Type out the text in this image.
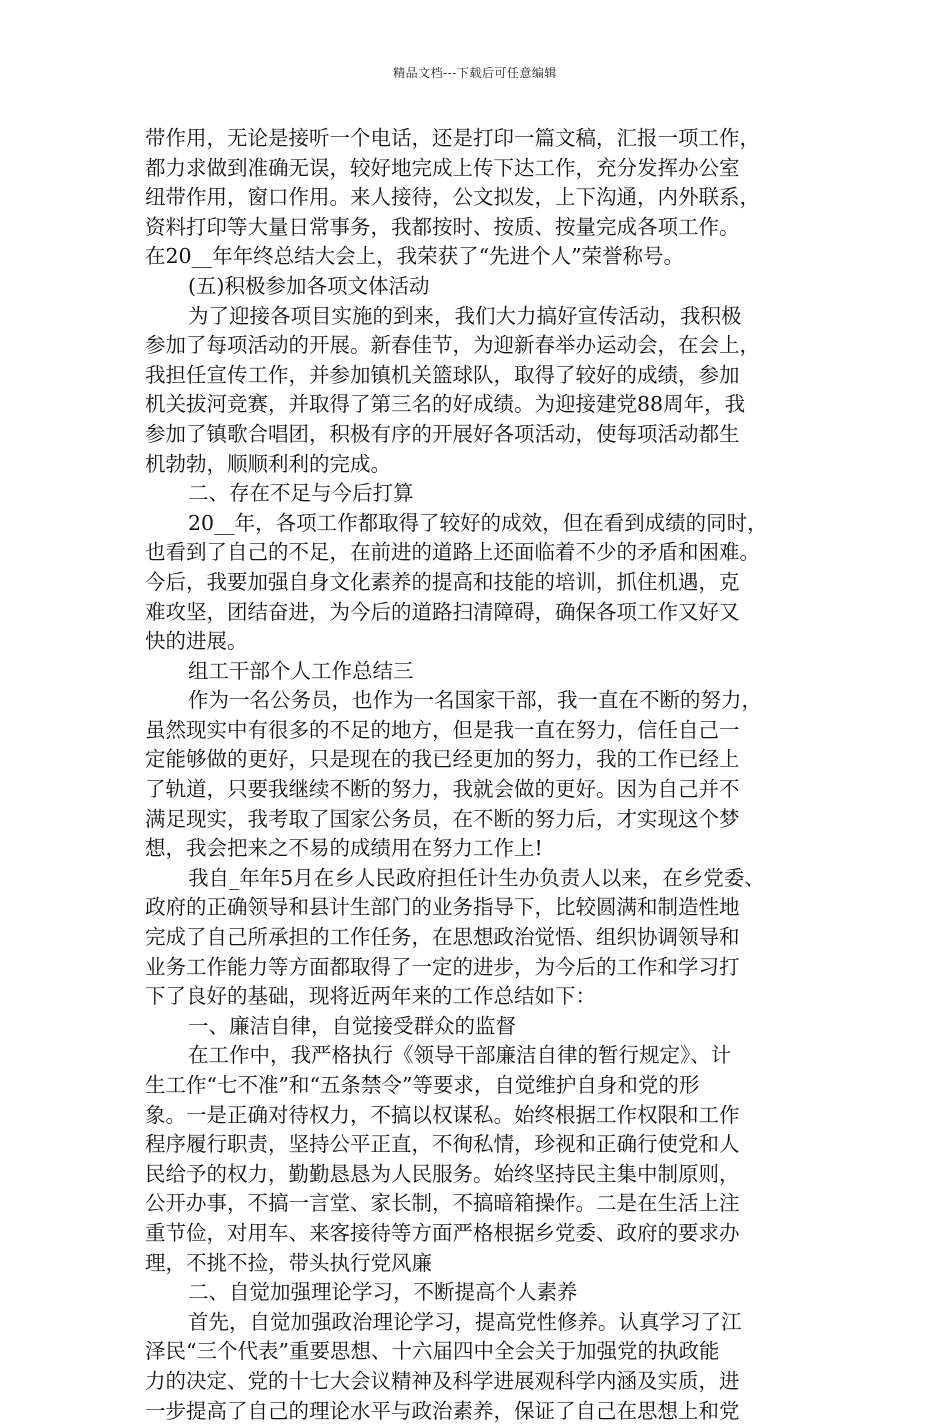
精品文档---下载后可任意编辑
带作用，无论是接听一个电话，还是打印一篇文稿，汇报一项工作，
都力求做到准确无误，较好地完成上传下达工作，充分发挥办公室
纽带作用，窗口作用。来人接待，公文拟发，上下沟通，内外联系，
资料打印等大量日常事务，我都按时、按质、按量完成各项工作。
在20__年年终总结大会上，我荣获了“先进个人”荣誉称号。
(五)积极参加各项文体活动
为了迎接各项目实施的到来，我们大力搞好宣传活动，我积极
参加了每项活动的开展。新春佳节，为迎新春举办运动会，在会上，
我担任宣传工作，并参加镇机关篮球队，取得了较好的成绩，参加
机关拔河竞赛，并取得了第三名的好成绩。为迎接建党88周年，我
参加了镇歌合唱团，积极有序的开展好各项活动，使每项活动都生
机勃勃，顺顺利利的完成。
二、存在不足与今后打算
20__年，各项工作都取得了较好的成效，但在看到成绩的同时，
也看到了自己的不足，在前进的道路上还面临着不少的矛盾和困难。
今后，我要加强自身文化素养的提高和技能的培训，抓住机遇，克
难攻坚，团结奋进，为今后的道路扫清障碍，确保各项工作又好又
快的进展。
组工干部个人工作总结三
作为一名公务员，也作为一名国家干部，我一直在不断的努力，
虽然现实中有很多的不足的地方，但是我一直在努力，信任自己一
定能够做的更好，只是现在的我已经更加的努力，我的工作已经上
了轨道，只要我继续不断的努力，我就会做的更好。因为自己并不
满足现实，我考取了国家公务员，在不断的努力后，才实现这个梦
想，我会把来之不易的成绩用在努力工作上!
我自_年年5月在乡人民政府担任计生办负责人以来，在乡党委、
政府的正确领导和县计生部门的业务指导下，比较圆满和制造性地
完成了自己所承担的工作任务，在思想政治觉悟、组织协调领导和
业务工作能力等方面都取得了一定的进步，为今后的工作和学习打
下了良好的基础，现将近两年来的工作总结如下：
一、廉洁自律，自觉接受群众的监督
在工作中，我严格执行《领导干部廉洁自律的暂行规定》、计
生工作“七不准”和“五条禁令”等要求，自觉维护自身和党的形
象。一是正确对待权力，不搞以权谋私。始终根据工作权限和工作
程序履行职责，坚持公平正直，不徇私情，珍视和正确行使党和人
民给予的权力，勤勤恳恳为人民服务。始终坚持民主集中制原则，
公开办事，不搞一言堂、家长制，不搞暗箱操作。二是在生活上注
重节俭，对用车、来客接待等方面严格根据乡党委、政府的要求办
理，不挑不捡，带头执行党风廉
二、自觉加强理论学习，不断提高个人素养
首先，自觉加强政治理论学习，提高党性修养。认真学习了江
泽民“三个代表”重要思想、十六届四中全会关于加强党的执政能
力的决定、党的十七大会议精神及科学进展观科学内涵及实质，进
一步提高了自己的理论水平与政治素养，保证了自己在思想上和党
